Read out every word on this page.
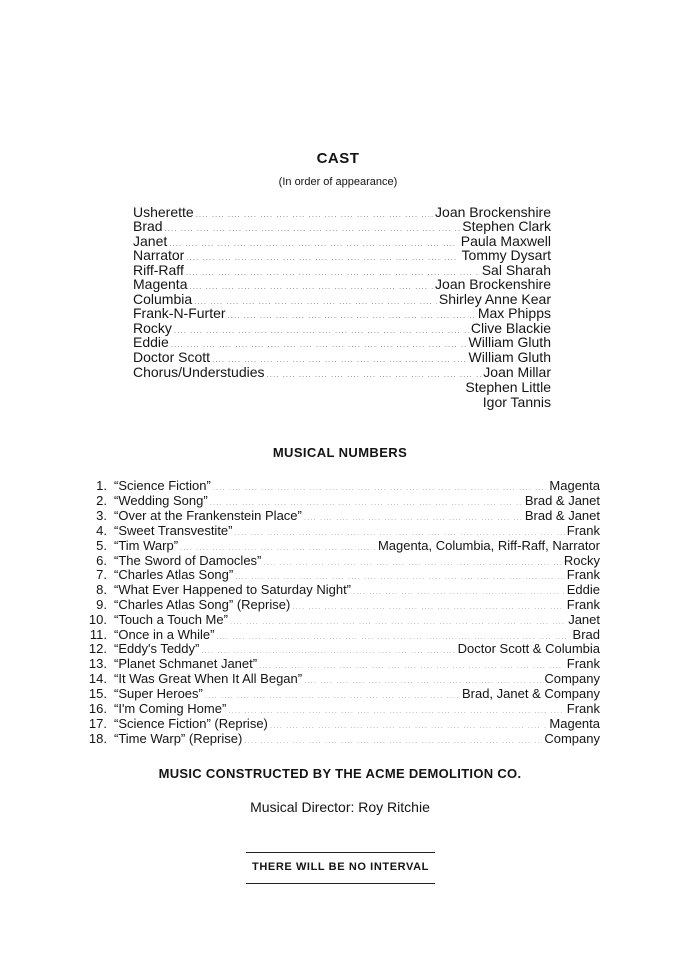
CAST
(In order of appearance)
Usherette ....	Joan Brockenshire
Brad ....	Stephen Clark
Janet ....	Paula Maxwell
Narrator ....	Tommy Dysart
Riff-Raff ....	Sal Sharah
Magenta ....	Joan Brockenshire
Columbia ....	Shirley Anne Kear
Frank-N-Furter ....	Max Phipps
Rocky ....	Clive Blackie
Eddie ....	William Gluth
Doctor Scott ....	William Gluth
Chorus/Understudies ....	Joan Millar
Stephen Little
Igor Tannis
MUSICAL NUMBERS
1. “Science Fiction” ....	Magenta
2. “Wedding Song” ....	Brad & Janet
3. “Over at the Frankenstein Place” ....	Brad & Janet
4. “Sweet Transvestite” ....	Frank
5. “Tim Warp” ....	Magenta, Columbia, Riff-Raff, Narrator
6. “The Sword of Damocles” ....	Rocky
7. “Charles Atlas Song” ....	Frank
8. “What Ever Happened to Saturday Night” ....	Eddie
9. “Charles Atlas Song” (Reprise) ....	Frank
10. “Touch a Touch Me” ....	Janet
11. “Once in a While” ....	Brad
12. “Eddy's Teddy” ....	Doctor Scott & Columbia
13. “Planet Schmanet Janet” ....	Frank
14. “It Was Great When It All Began” ....	Company
15. “Super Heroes” ....	Brad, Janet & Company
16. “I'm Coming Home” ....	Frank
17. “Science Fiction” (Reprise) ....	Magenta
18. “Time Warp” (Reprise) ....	Company
MUSIC CONSTRUCTED BY THE ACME DEMOLITION CO.
Musical Director: Roy Ritchie
THERE WILL BE NO INTERVAL
